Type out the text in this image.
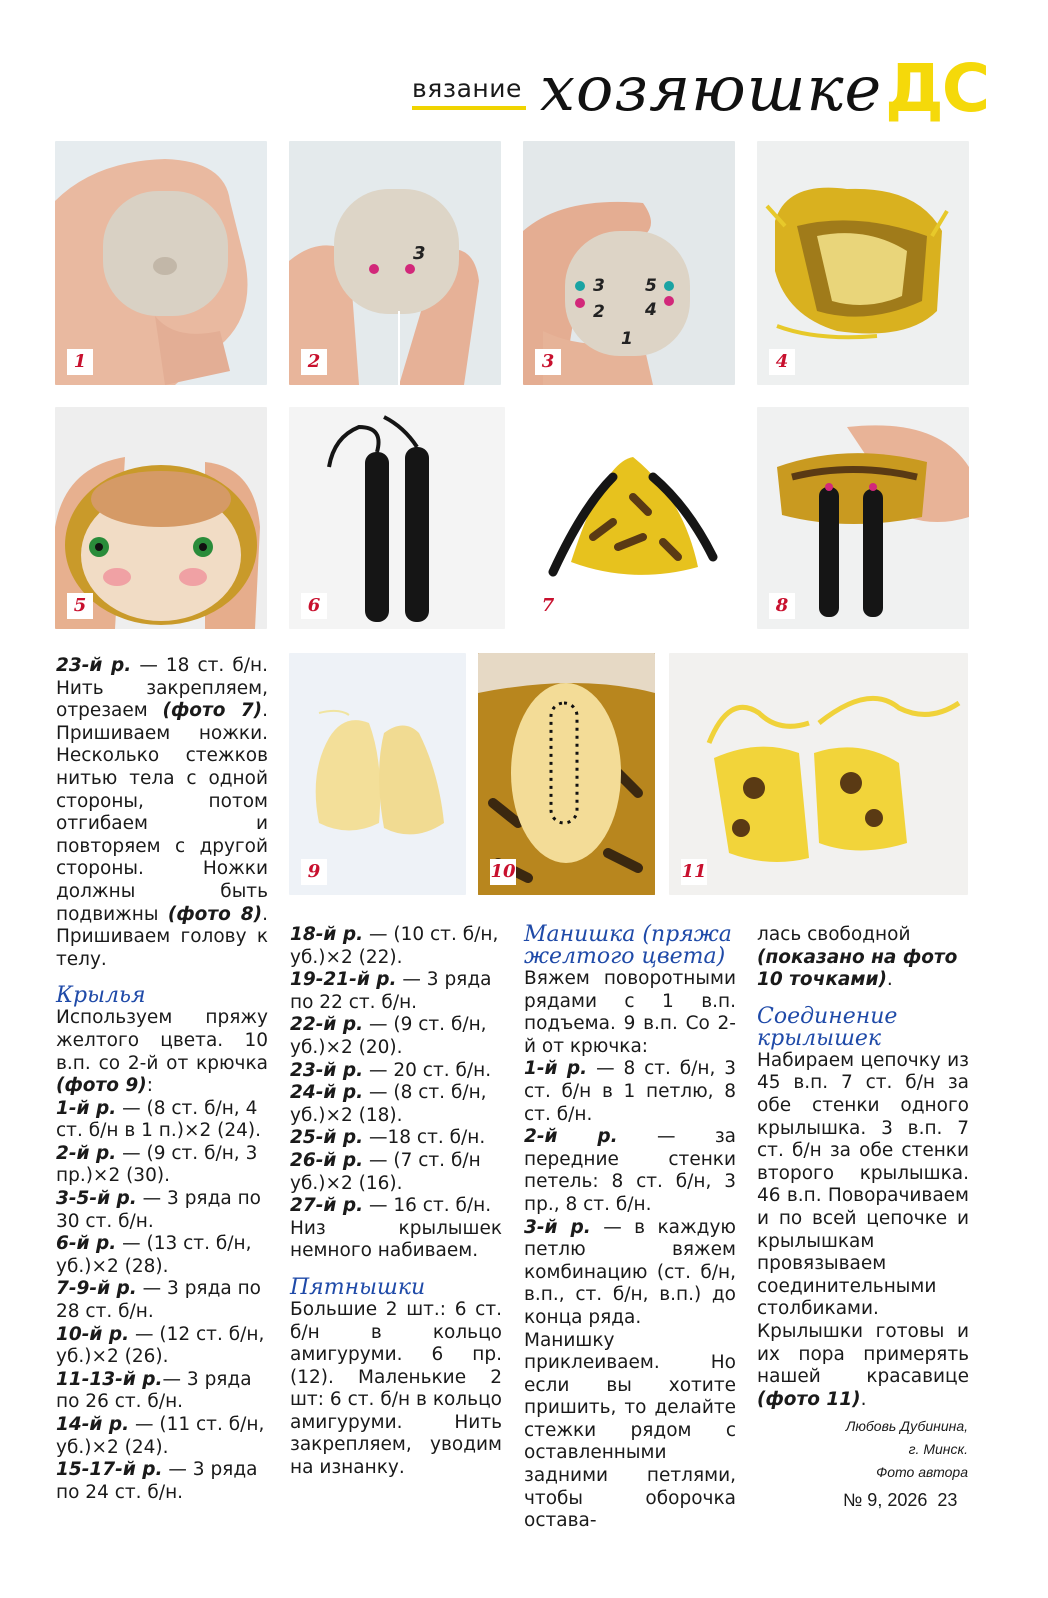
вязание хозяюшке ДС
1
3
2
3 5
2 4
1
3	4
5	6	7	8
9	10	11

23-й р. — 18 ст. б/н. Нить закрепляем, отрезаем (фото 7). Пришиваем ножки. Несколько стежков нитью тела с одной стороны, потом отгибаем и повторяем с другой стороны. Ножки должны быть подвижны (фото 8). Пришиваем голову к телу.

Крылья

Используем пряжу желтого цвета. 10 в.п. со 2-й от крючка (фото 9):

1-й р. — (8 ст. б/н, 4 ст. б/н в 1 п.)×2 (24).

2-й р. — (9 ст. б/н, 3 пр.)×2 (30).

3-5-й р. — 3 ряда по 30 ст. б/н.

6-й р. — (13 ст. б/н, уб.)×2 (28).

7-9-й р. — 3 ряда по 28 ст. б/н.

10-й р. — (12 ст. б/н, уб.)×2 (26).

11-13-й р.— 3 ряда по 26 ст. б/н.

14-й р. — (11 ст. б/н, уб.)×2 (24).

15-17-й р. — 3 ряда по 24 ст. б/н.

18-й р. — (10 ст. б/н, уб.)×2 (22).

19-21-й р. — 3 ряда по 22 ст. б/н.

22-й р. — (9 ст. б/н, уб.)×2 (20).

23-й р. — 20 ст. б/н.

24-й р. — (8 ст. б/н, уб.)×2 (18).

25-й р. —18 ст. б/н.

26-й р. — (7 ст. б/н уб.)×2 (16).

27-й р. — 16 ст. б/н.

Низ крылышек немного набиваем.

Пятнышки

Большие 2 шт.: 6 ст. б/н в кольцо амигуруми. 6 пр. (12). Маленькие 2 шт: 6 ст. б/н в кольцо амигуруми. Нить закрепляем, уводим на изнанку.

Манишка (пряжа желтого цвета)

Вяжем поворотными рядами с 1 в.п. подъема. 9 в.п. Со 2-й от крючка:

1-й р. — 8 ст. б/н, 3 ст. б/н в 1 петлю, 8 ст. б/н.

2-й р. — за передние стенки петель: 8 ст. б/н, 3 пр., 8 ст. б/н.

3-й р. — в каждую петлю вяжем комбинацию (ст. б/н, в.п., ст. б/н, в.п.) до конца ряда.

Манишку приклеиваем. Но если вы хотите пришить, то делайте стежки рядом с оставленными задними петлями, чтобы оборочка остава-

лась свободной (показано на фото 10 точками).

Соединение крылышек

Набираем цепочку из 45 в.п. 7 ст. б/н за обе стенки одного крылышка. 3 в.п. 7 ст. б/н за обе стенки второго крылышка. 46 в.п. Поворачиваем и по всей цепочке и крылышкам провязываем соединительными столбиками. Крылышки готовы и их пора примерять нашей красавице (фото 11).

Любовь Дубинина,
г. Минск.
Фото автора
№ 9, 2026 23
